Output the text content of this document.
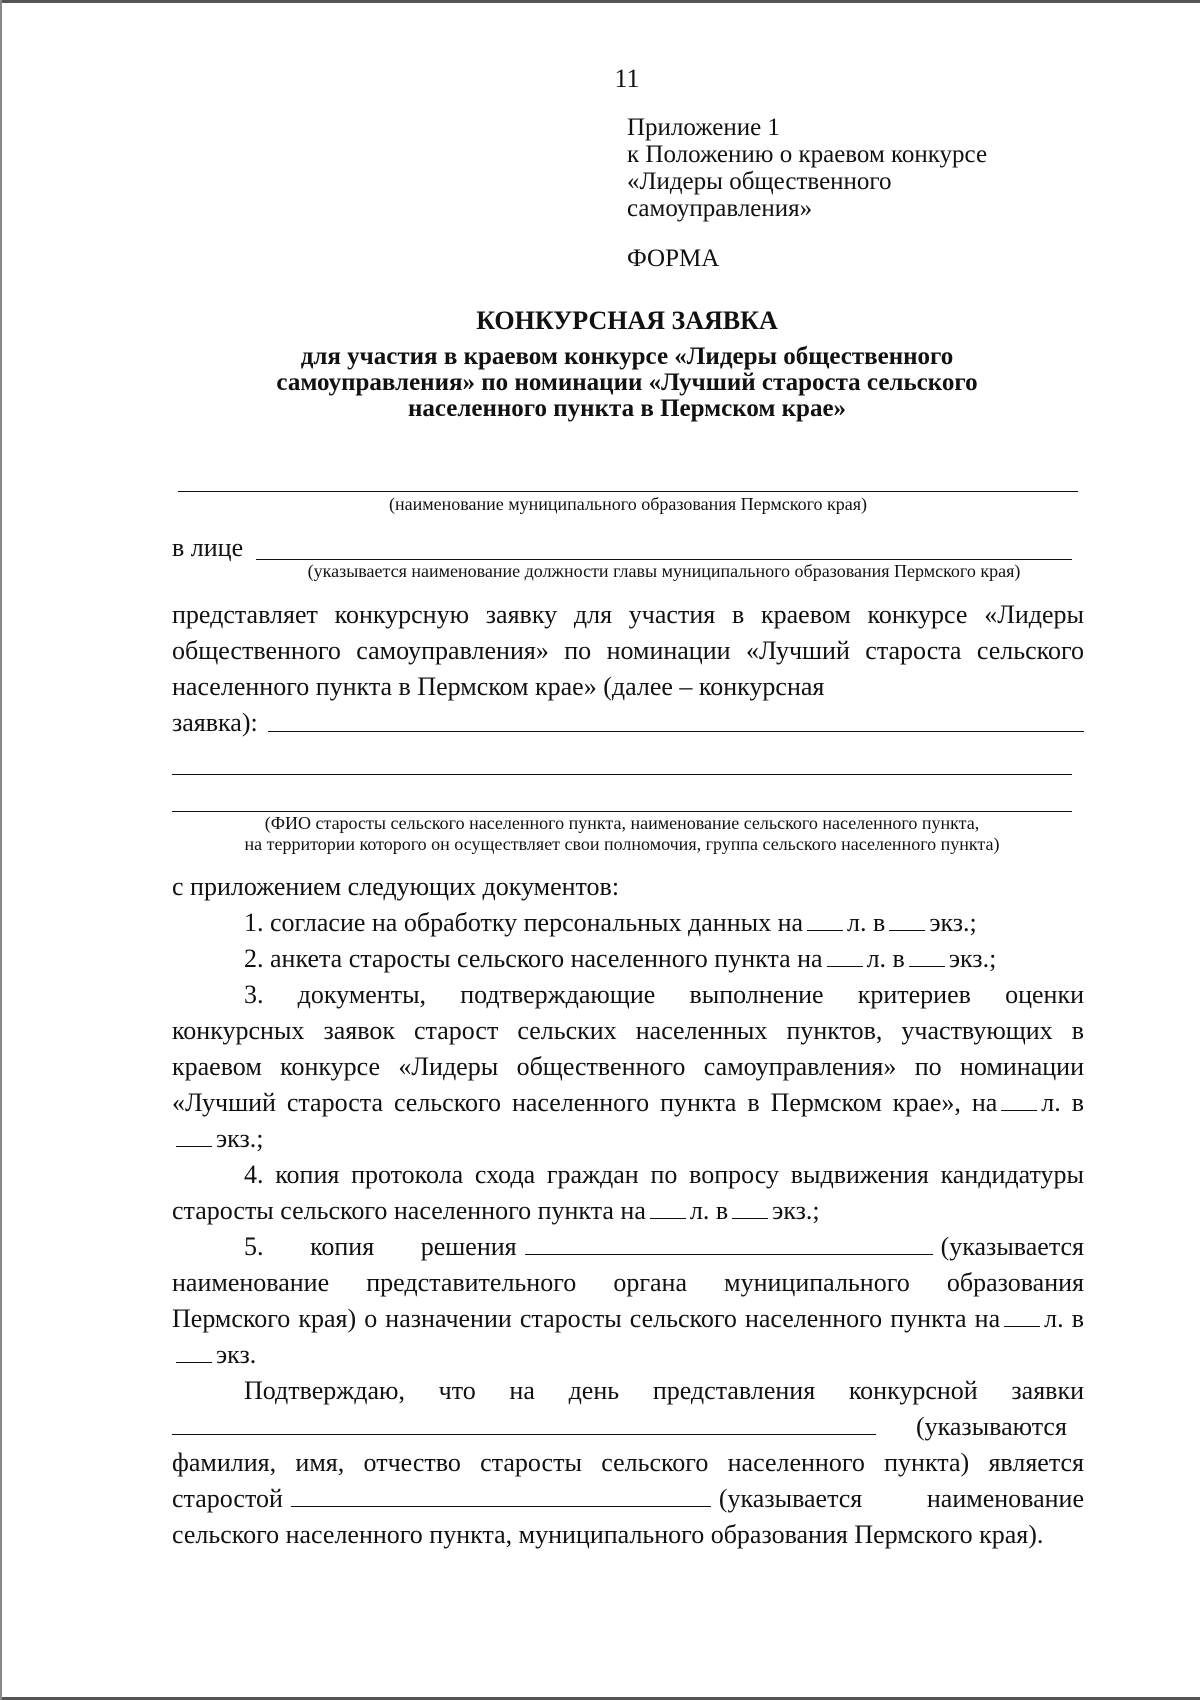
11
Приложение 1
к Положению о краевом конкурсе
«Лидеры общественного
самоуправления»
ФОРМА
КОНКУРСНАЯ ЗАЯВКА
для участия в краевом конкурсе «Лидеры общественного
самоуправления» по номинации «Лучший староста сельского
населенного пункта в Пермском крае»
(наименование муниципального образования Пермского края)
в лице
(указывается наименование должности главы муниципального образования Пермского края)
представляет конкурсную заявку для участия в краевом конкурсе «Лидеры общественного самоуправления» по номинации «Лучший староста сельского населенного пункта в Пермском крае» (далее – конкурсная
заявка):
(ФИО старосты сельского населенного пункта, наименование сельского населенного пункта,
на территории которого он осуществляет свои полномочия, группа сельского населенного пункта)
с приложением следующих документов:

1. согласие на обработку персональных данных на л. в экз.;

2. анкета старосты сельского населенного пункта на л. в экз.;

3. документы, подтверждающие выполнение критериев оценки конкурсных заявок старост сельских населенных пунктов, участвующих в краевом конкурсе «Лидеры общественного самоуправления» по номинации «Лучший староста сельского населенного пункта в Пермском крае», на л. вэкз.;

4. копия протокола схода граждан по вопросу выдвижения кандидатуры старосты сельского населенного пункта на л. в экз.;

5. копия решения	(указывается наименование представительного органа муниципального образования Пермского края) о назначении старосты сельского населенного пункта на л. вэкз.

Подтверждаю, что на день представления конкурсной заявки (указываются фамилия, имя, отчество старосты сельского населенного пункта) является старостой	(указывается наименование сельского населенного пункта, муниципального образования Пермского края).
